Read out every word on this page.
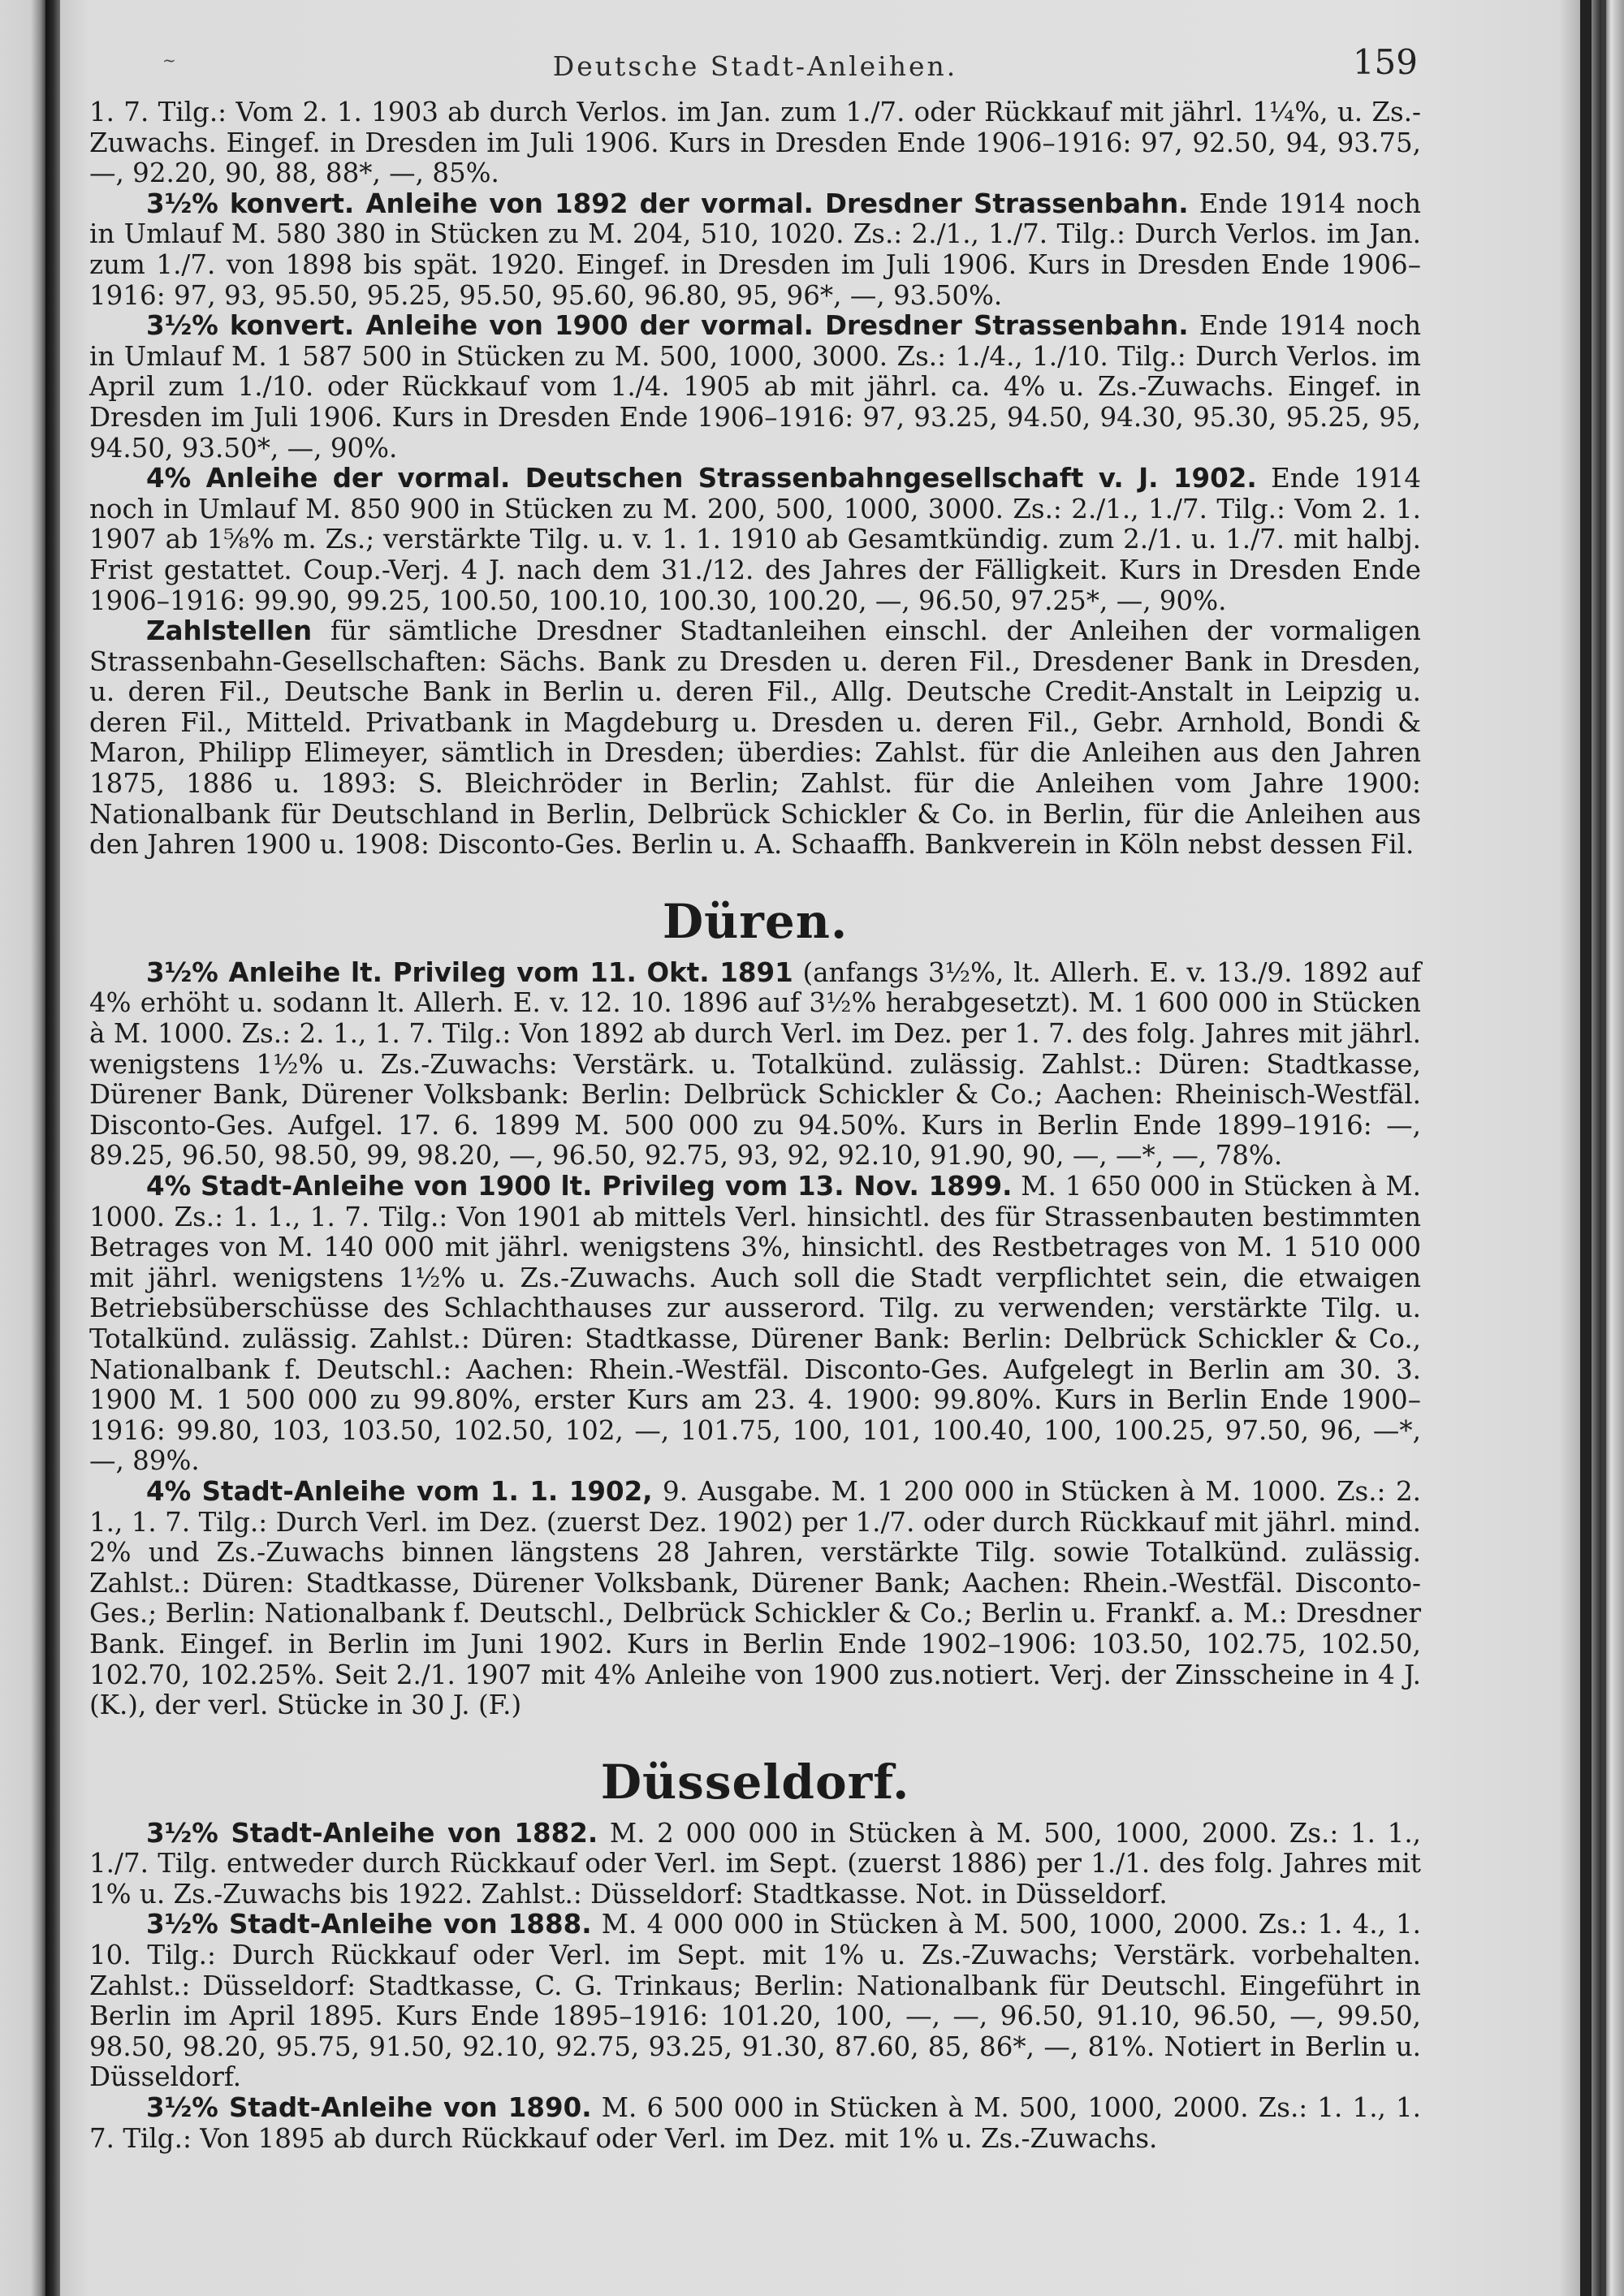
~	Deutsche Stadt-Anleihen.	159

1. 7. Tilg.: Vom 2. 1. 1903 ab durch Verlos. im Jan. zum 1./7. oder Rückkauf mit jährl. 1¼%, u. Zs.-Zuwachs. Eingef. in Dresden im Juli 1906. Kurs in Dresden Ende 1906–1916: 97, 92.50, 94, 93.75, —, 92.20, 90, 88, 88*, —, 85%.

3½% konvert. Anleihe von 1892 der vormal. Dresdner Strassenbahn. Ende 1914 noch in Umlauf M. 580 380 in Stücken zu M. 204, 510, 1020. Zs.: 2./1., 1./7. Tilg.: Durch Verlos. im Jan. zum 1./7. von 1898 bis spät. 1920. Eingef. in Dresden im Juli 1906. Kurs in Dresden Ende 1906–1916: 97, 93, 95.50, 95.25, 95.50, 95.60, 96.80, 95, 96*, —, 93.50%.

3½% konvert. Anleihe von 1900 der vormal. Dresdner Strassenbahn. Ende 1914 noch in Umlauf M. 1 587 500 in Stücken zu M. 500, 1000, 3000. Zs.: 1./4., 1./10. Tilg.: Durch Verlos. im April zum 1./10. oder Rückkauf vom 1./4. 1905 ab mit jährl. ca. 4% u. Zs.-Zuwachs. Eingef. in Dresden im Juli 1906. Kurs in Dresden Ende 1906–1916: 97, 93.25, 94.50, 94.30, 95.30, 95.25, 95, 94.50, 93.50*, —, 90%.

4% Anleihe der vormal. Deutschen Strassenbahngesellschaft v. J. 1902. Ende 1914 noch in Umlauf M. 850 900 in Stücken zu M. 200, 500, 1000, 3000. Zs.: 2./1., 1./7. Tilg.: Vom 2. 1. 1907 ab 1⅝% m. Zs.; verstärkte Tilg. u. v. 1. 1. 1910 ab Gesamtkündig. zum 2./1. u. 1./7. mit halbj. Frist gestattet. Coup.-Verj. 4 J. nach dem 31./12. des Jahres der Fälligkeit. Kurs in Dresden Ende 1906–1916: 99.90, 99.25, 100.50, 100.10, 100.30, 100.20, —, 96.50, 97.25*, —, 90%.

Zahlstellen für sämtliche Dresdner Stadtanleihen einschl. der Anleihen der vormaligen Strassenbahn-Gesellschaften: Sächs. Bank zu Dresden u. deren Fil., Dresdener Bank in Dresden, u. deren Fil., Deutsche Bank in Berlin u. deren Fil., Allg. Deutsche Credit-Anstalt in Leipzig u. deren Fil., Mitteld. Privatbank in Magdeburg u. Dresden u. deren Fil., Gebr. Arnhold, Bondi & Maron, Philipp Elimeyer, sämtlich in Dresden; überdies: Zahlst. für die Anleihen aus den Jahren 1875, 1886 u. 1893: S. Bleichröder in Berlin; Zahlst. für die Anleihen vom Jahre 1900: Nationalbank für Deutschland in Berlin, Delbrück Schickler & Co. in Berlin, für die Anleihen aus den Jahren 1900 u. 1908: Disconto-Ges. Berlin u. A. Schaaffh. Bankverein in Köln nebst dessen Fil.

Düren.

3½% Anleihe lt. Privileg vom 11. Okt. 1891 (anfangs 3½%, lt. Allerh. E. v. 13./9. 1892 auf 4% erhöht u. sodann lt. Allerh. E. v. 12. 10. 1896 auf 3½% herabgesetzt). M. 1 600 000 in Stücken à M. 1000. Zs.: 2. 1., 1. 7. Tilg.: Von 1892 ab durch Verl. im Dez. per 1. 7. des folg. Jahres mit jährl. wenigstens 1½% u. Zs.-Zuwachs: Verstärk. u. Totalkünd. zulässig. Zahlst.: Düren: Stadtkasse, Dürener Bank, Dürener Volksbank: Berlin: Delbrück Schickler & Co.; Aachen: Rheinisch-Westfäl. Disconto-Ges. Aufgel. 17. 6. 1899 M. 500 000 zu 94.50%. Kurs in Berlin Ende 1899–1916: —, 89.25, 96.50, 98.50, 99, 98.20, —, 96.50, 92.75, 93, 92, 92.10, 91.90, 90, —, —*, —, 78%.

4% Stadt-Anleihe von 1900 lt. Privileg vom 13. Nov. 1899. M. 1 650 000 in Stücken à M. 1000. Zs.: 1. 1., 1. 7. Tilg.: Von 1901 ab mittels Verl. hinsichtl. des für Strassenbauten bestimmten Betrages von M. 140 000 mit jährl. wenigstens 3%, hinsichtl. des Restbetrages von M. 1 510 000 mit jährl. wenigstens 1½% u. Zs.-Zuwachs. Auch soll die Stadt verpflichtet sein, die etwaigen Betriebsüberschüsse des Schlachthauses zur ausserord. Tilg. zu verwenden; verstärkte Tilg. u. Totalkünd. zulässig. Zahlst.: Düren: Stadtkasse, Dürener Bank: Berlin: Delbrück Schickler & Co., Nationalbank f. Deutschl.: Aachen: Rhein.-Westfäl. Disconto-Ges. Aufgelegt in Berlin am 30. 3. 1900 M. 1 500 000 zu 99.80%, erster Kurs am 23. 4. 1900: 99.80%. Kurs in Berlin Ende 1900–1916: 99.80, 103, 103.50, 102.50, 102, —, 101.75, 100, 101, 100.40, 100, 100.25, 97.50, 96, —*, —, 89%.

4% Stadt-Anleihe vom 1. 1. 1902, 9. Ausgabe. M. 1 200 000 in Stücken à M. 1000. Zs.: 2. 1., 1. 7. Tilg.: Durch Verl. im Dez. (zuerst Dez. 1902) per 1./7. oder durch Rückkauf mit jährl. mind. 2% und Zs.-Zuwachs binnen längstens 28 Jahren, verstärkte Tilg. sowie Totalkünd. zulässig. Zahlst.: Düren: Stadtkasse, Dürener Volksbank, Dürener Bank; Aachen: Rhein.-Westfäl. Disconto-Ges.; Berlin: Nationalbank f. Deutschl., Delbrück Schickler & Co.; Berlin u. Frankf. a. M.: Dresdner Bank. Eingef. in Berlin im Juni 1902. Kurs in Berlin Ende 1902–1906: 103.50, 102.75, 102.50, 102.70, 102.25%. Seit 2./1. 1907 mit 4% Anleihe von 1900 zus.notiert. Verj. der Zinsscheine in 4 J. (K.), der verl. Stücke in 30 J. (F.)

Düsseldorf.

3½% Stadt-Anleihe von 1882. M. 2 000 000 in Stücken à M. 500, 1000, 2000. Zs.: 1. 1., 1./7. Tilg. entweder durch Rückkauf oder Verl. im Sept. (zuerst 1886) per 1./1. des folg. Jahres mit 1% u. Zs.-Zuwachs bis 1922. Zahlst.: Düsseldorf: Stadtkasse. Not. in Düsseldorf.

3½% Stadt-Anleihe von 1888. M. 4 000 000 in Stücken à M. 500, 1000, 2000. Zs.: 1. 4., 1. 10. Tilg.: Durch Rückkauf oder Verl. im Sept. mit 1% u. Zs.-Zuwachs; Verstärk. vorbehalten. Zahlst.: Düsseldorf: Stadtkasse, C. G. Trinkaus; Berlin: Nationalbank für Deutschl. Eingeführt in Berlin im April 1895. Kurs Ende 1895–1916: 101.20, 100, —, —, 96.50, 91.10, 96.50, —, 99.50, 98.50, 98.20, 95.75, 91.50, 92.10, 92.75, 93.25, 91.30, 87.60, 85, 86*, —, 81%. Notiert in Berlin u. Düsseldorf.

3½% Stadt-Anleihe von 1890. M. 6 500 000 in Stücken à M. 500, 1000, 2000. Zs.: 1. 1., 1. 7. Tilg.: Von 1895 ab durch Rückkauf oder Verl. im Dez. mit 1% u. Zs.-Zuwachs.
